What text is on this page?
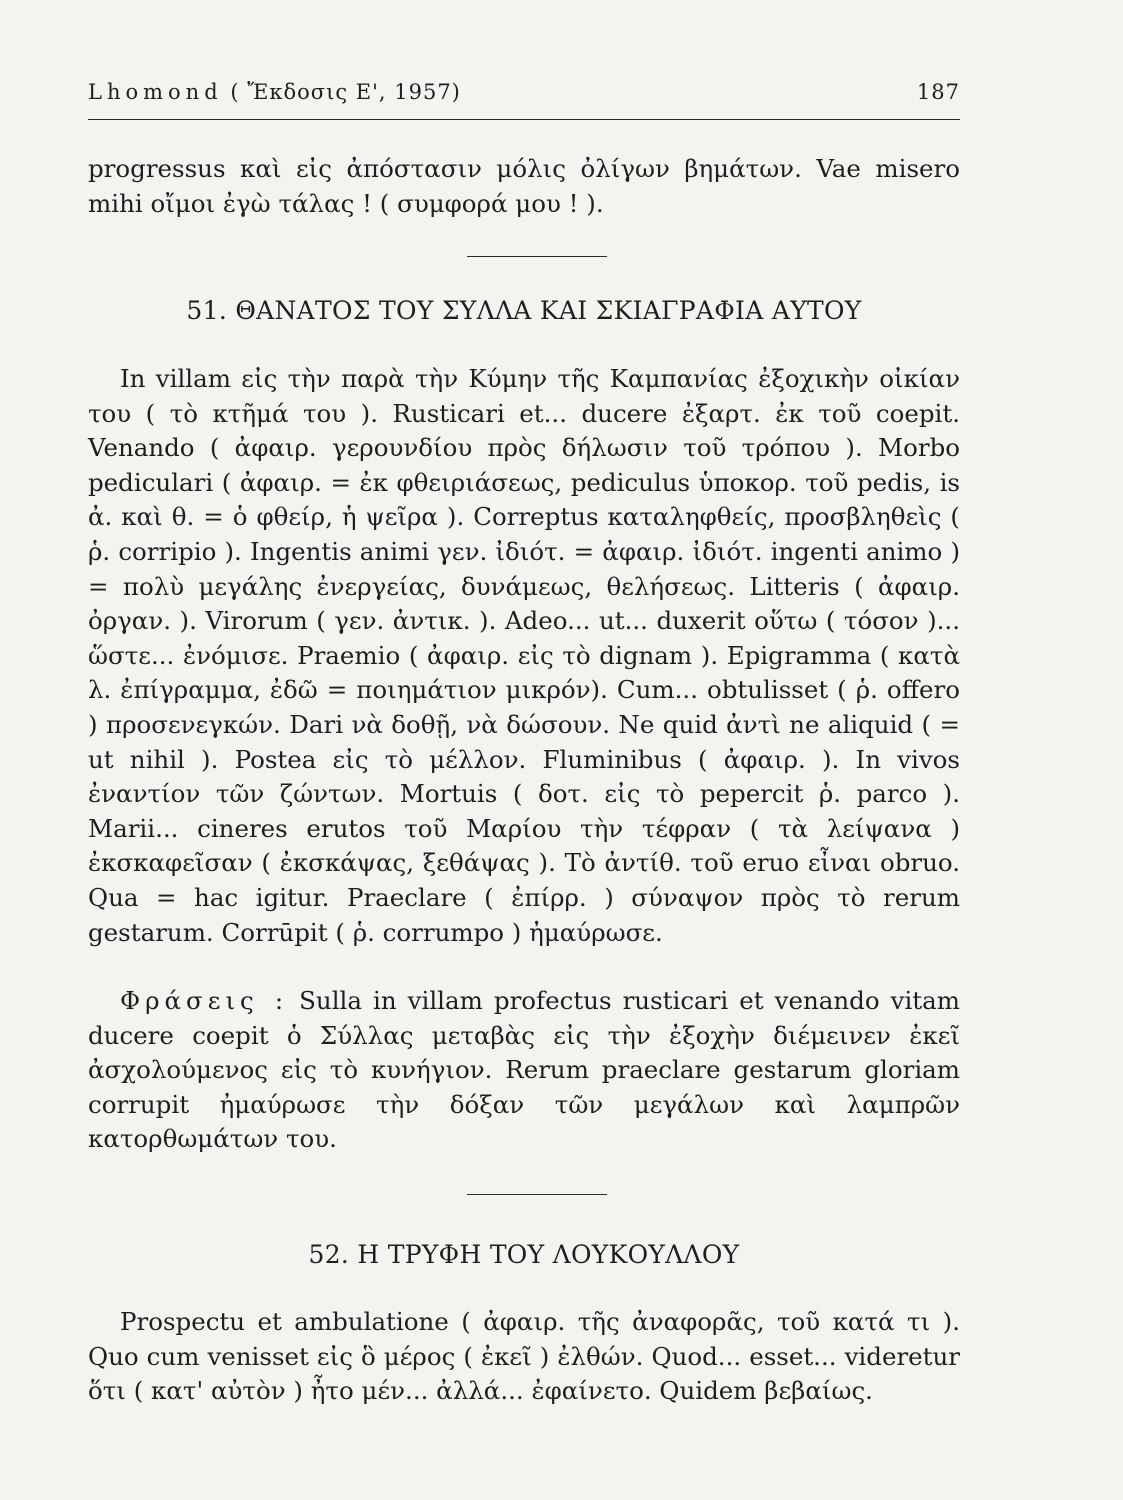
Lhomond ( Ἔκδοσις Ε', 1957)	187

progressus καὶ εἰς ἀπόστασιν μόλις ὀλίγων βημάτων. Vae misero mihi οἴμοι ἐγὼ τάλας ! ( συμφορά μου ! ).

51. ΘΑΝΑΤΟΣ ΤΟΥ ΣΥΛΛΑ ΚΑΙ ΣΚΙΑΓΡΑΦΙΑ ΑΥΤΟΥ

In villam εἰς τὴν παρὰ τὴν Κύμην τῆς Καμπανίας ἐξοχικὴν οἰκίαν του ( τὸ κτῆμά του ). Rusticari et... ducere ἐξαρτ. ἐκ τοῦ coepit. Venando ( ἀφαιρ. γερουνδίου πρὸς δήλωσιν τοῦ τρόπου ). Morbo pediculari ( ἀφαιρ. = ἐκ φθειριάσεως, pediculus ὑποκορ. τοῦ pedis, is ἀ. καὶ θ. = ὁ φθείρ, ἡ ψεῖρα ). Correptus καταληφθείς, προσβληθεὶς ( ῥ. corripio ). Ingentis animi γεν. ἰδιότ. = ἀφαιρ. ἰδιότ. ingenti animo ) = πολὺ μεγάλης ἐνεργείας, δυνάμεως, θελήσεως. Litteris ( ἀφαιρ. ὀργαν. ). Virorum ( γεν. ἀντικ. ). Adeo... ut... duxerit οὕτω ( τόσον )... ὥστε... ἐνόμισε. Praemio ( ἀφαιρ. εἰς τὸ dignam ). Epigramma ( κατὰ λ. ἐπίγραμμα, ἐδῶ = ποιημάτιον μικρόν). Cum... obtulisset ( ῥ. offero ) προσενεγκών. Dari νὰ δοθῇ, νὰ δώσουν. Ne quid ἀντὶ ne aliquid ( = ut nihil ). Postea εἰς τὸ μέλλον. Fluminibus ( ἀφαιρ. ). In vivos ἐναντίον τῶν ζώντων. Mortuis ( δοτ. εἰς τὸ pepercit ῥ. parco ). Marii... cineres erutos τοῦ Μαρίου τὴν τέφραν ( τὰ λείψανα ) ἐκσκαφεῖσαν ( ἐκσκάψας, ξεθάψας ). Τὸ ἀντίθ. τοῦ eruo εἶναι obruo. Qua = hac igitur. Praeclare ( ἐπίρρ. ) σύναψον πρὸς τὸ rerum gestarum. Corrūpit ( ῥ. corrumpo ) ἠμαύρωσε.

Φράσεις : Sulla in villam profectus rusticari et venando vitam ducere coepit ὁ Σύλλας μεταβὰς εἰς τὴν ἐξοχὴν διέμεινεν ἐκεῖ ἀσχολούμενος εἰς τὸ κυνήγιον. Rerum praeclare gestarum gloriam corrupit ἠμαύρωσε τὴν δόξαν τῶν μεγάλων καὶ λαμπρῶν κατορθωμάτων του.

52. Η ΤΡΥΦΗ ΤΟΥ ΛΟΥΚΟΥΛΛΟΥ

Prospectu et ambulatione ( ἀφαιρ. τῆς ἀναφορᾶς, τοῦ κατά τι ). Quo cum venisset εἰς ὃ μέρος ( ἐκεῖ ) ἐλθών. Quod... esset... videretur ὅτι ( κατ' αὐτὸν ) ἦτο μέν... ἀλλά... ἐφαίνετο. Quidem βεβαίως.
